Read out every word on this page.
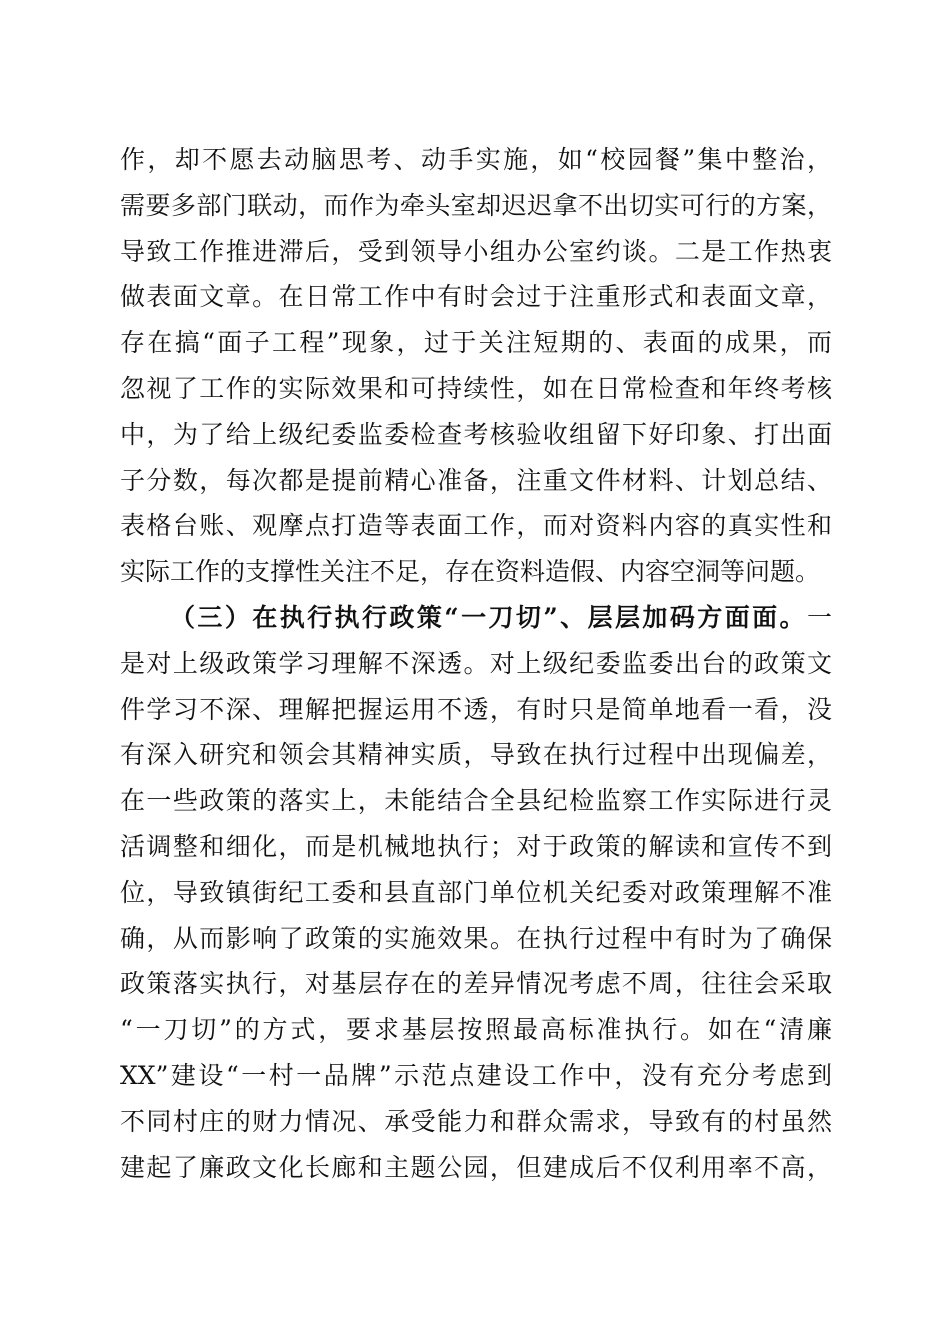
作，却不愿去动脑思考、动手实施，如“校园餐”集中整治，
需要多部门联动，而作为牵头室却迟迟拿不出切实可行的方案，
导致工作推进滞后，受到领导小组办公室约谈。二是工作热衷
做表面文章。在日常工作中有时会过于注重形式和表面文章，
存在搞“面子工程”现象，过于关注短期的、表面的成果，而
忽视了工作的实际效果和可持续性，如在日常检查和年终考核
中，为了给上级纪委监委检查考核验收组留下好印象、打出面
子分数，每次都是提前精心准备，注重文件材料、计划总结、
表格台账、观摩点打造等表面工作，而对资料内容的真实性和
实际工作的支撑性关注不足，存在资料造假、内容空洞等问题。
（三）在执行执行政策“一刀切”、层层加码方面面。一
是对上级政策学习理解不深透。对上级纪委监委出台的政策文
件学习不深、理解把握运用不透，有时只是简单地看一看，没
有深入研究和领会其精神实质，导致在执行过程中出现偏差，
在一些政策的落实上，未能结合全县纪检监察工作实际进行灵
活调整和细化，而是机械地执行；对于政策的解读和宣传不到
位，导致镇街纪工委和县直部门单位机关纪委对政策理解不准
确，从而影响了政策的实施效果。在执行过程中有时为了确保
政策落实执行，对基层存在的差异情况考虑不周，往往会采取
“一刀切”的方式，要求基层按照最高标准执行。如在“清廉
XX”建设“一村一品牌”示范点建设工作中，没有充分考虑到
不同村庄的财力情况、承受能力和群众需求，导致有的村虽然
建起了廉政文化长廊和主题公园，但建成后不仅利用率不高，
